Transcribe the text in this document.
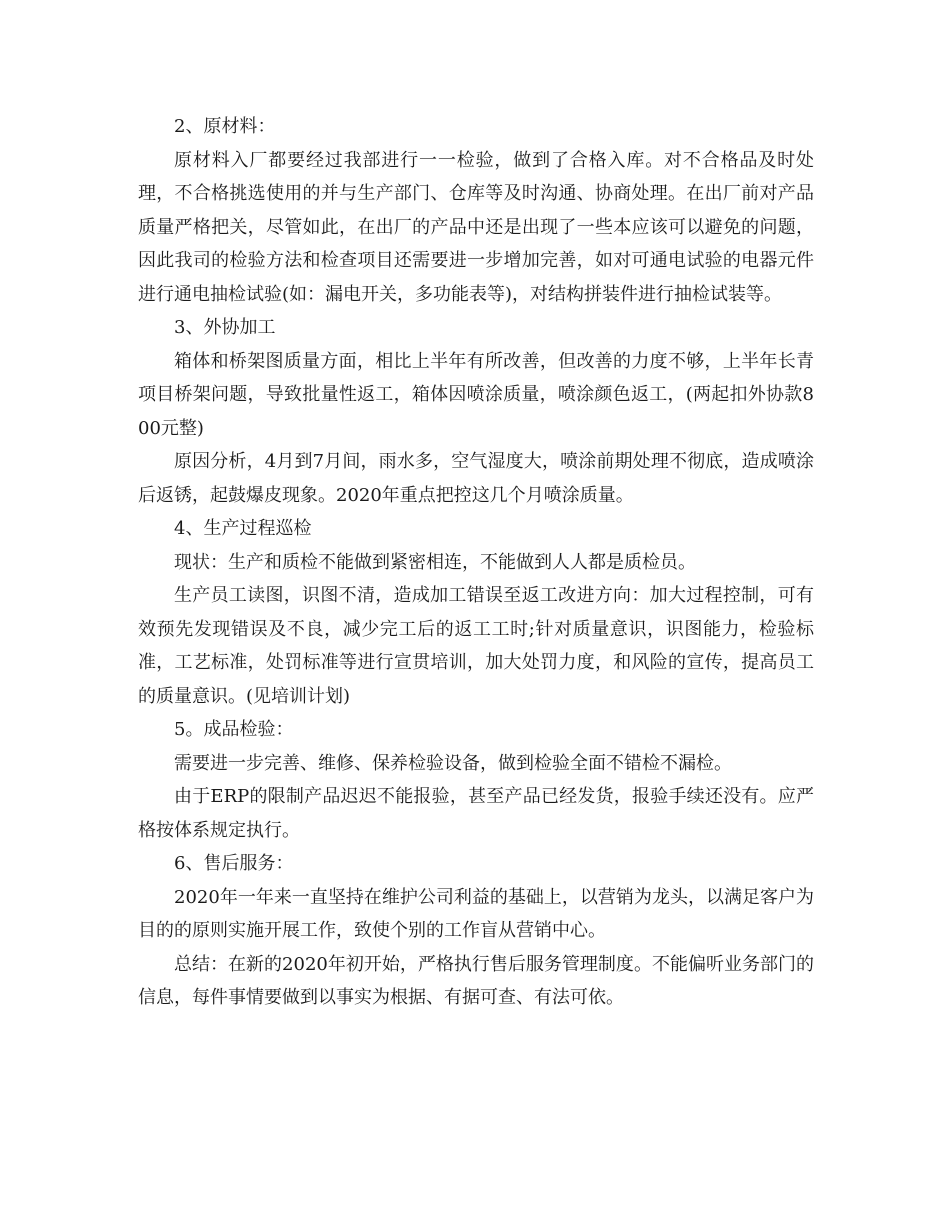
2、原材料：

原材料入厂都要经过我部进行一一检验，做到了合格入库。对不合格品及时处理，不合格挑选使用的并与生产部门、仓库等及时沟通、协商处理。在出厂前对产品质量严格把关，尽管如此，在出厂的产品中还是出现了一些本应该可以避免的问题，因此我司的检验方法和检查项目还需要进一步增加完善，如对可通电试验的电器元件进行通电抽检试验(如：漏电开关，多功能表等)，对结构拼装件进行抽检试装等。

3、外协加工

箱体和桥架图质量方面，相比上半年有所改善，但改善的力度不够，上半年长青项目桥架问题，导致批量性返工，箱体因喷涂质量，喷涂颜色返工，(两起扣外协款800元整)

原因分析，4月到7月间，雨水多，空气湿度大，喷涂前期处理不彻底，造成喷涂后返锈，起鼓爆皮现象。2020年重点把控这几个月喷涂质量。

4、生产过程巡检

现状：生产和质检不能做到紧密相连，不能做到人人都是质检员。

生产员工读图，识图不清，造成加工错误至返工改进方向：加大过程控制，可有效预先发现错误及不良，减少完工后的返工工时;针对质量意识，识图能力，检验标准，工艺标准，处罚标准等进行宣贯培训，加大处罚力度，和风险的宣传，提高员工的质量意识。(见培训计划)

5。成品检验：

需要进一步完善、维修、保养检验设备，做到检验全面不错检不漏检。

由于ERP的限制产品迟迟不能报验，甚至产品已经发货，报验手续还没有。应严格按体系规定执行。

6、售后服务：

2020年一年来一直坚持在维护公司利益的基础上，以营销为龙头，以满足客户为目的的原则实施开展工作，致使个别的工作盲从营销中心。

总结：在新的2020年初开始，严格执行售后服务管理制度。不能偏听业务部门的信息，每件事情要做到以事实为根据、有据可查、有法可依。
